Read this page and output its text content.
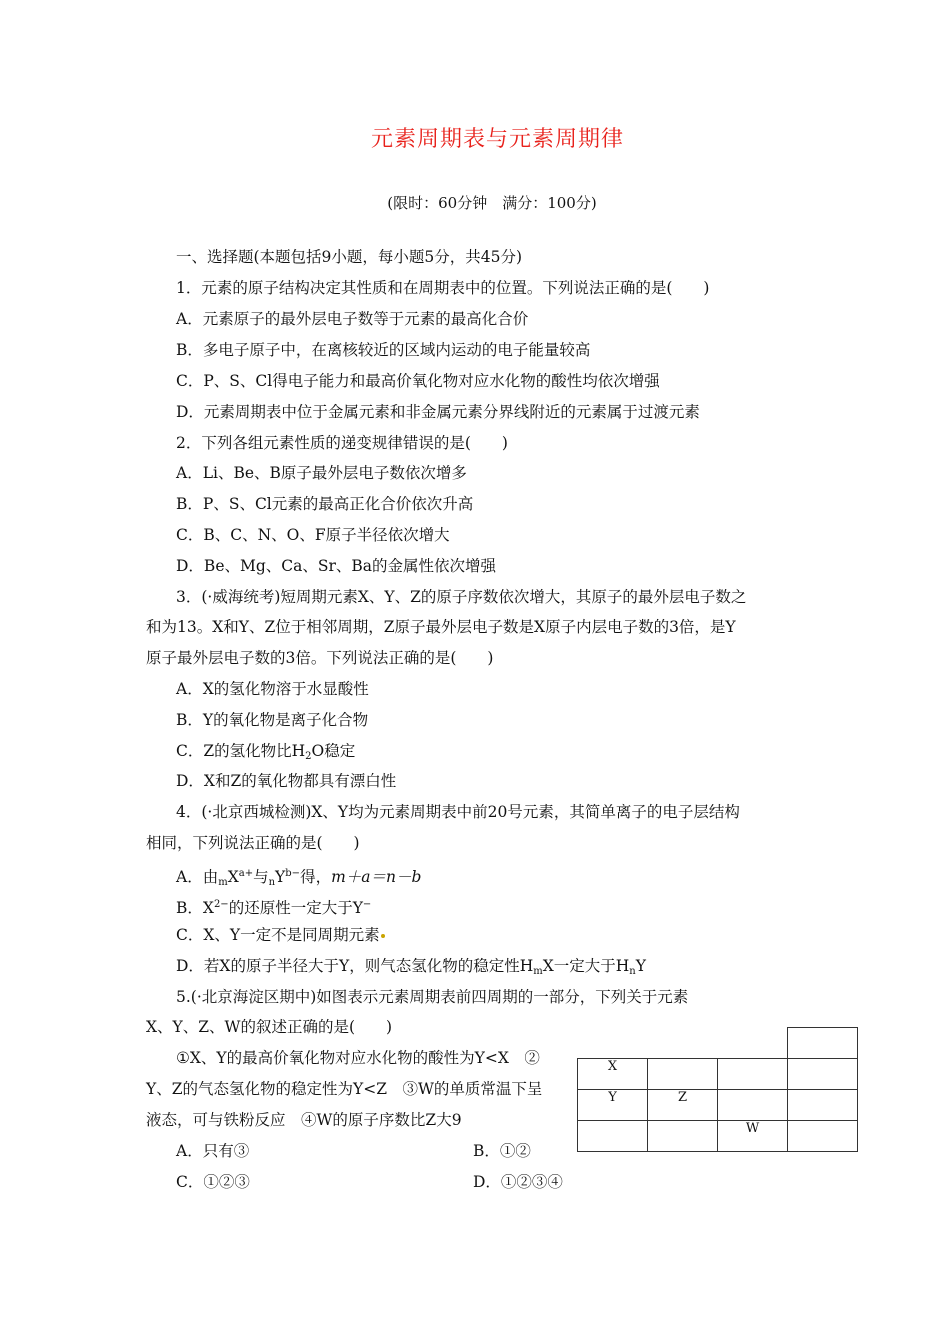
元素周期表与元素周期律
(限时：60分钟　满分：100分)
一、选择题(本题包括9小题，每小题5分，共45分)
1．元素的原子结构决定其性质和在周期表中的位置。下列说法正确的是(　　)
A．元素原子的最外层电子数等于元素的最高化合价
B．多电子原子中，在离核较近的区域内运动的电子能量较高
C．P、S、Cl得电子能力和最高价氧化物对应水化物的酸性均依次增强
D．元素周期表中位于金属元素和非金属元素分界线附近的元素属于过渡元素
2．下列各组元素性质的递变规律错误的是(　　)
A．Li、Be、B原子最外层电子数依次增多
B．P、S、Cl元素的最高正化合价依次升高
C．B、C、N、O、F原子半径依次增大
D．Be、Mg、Ca、Sr、Ba的金属性依次增强
3．(·威海统考)短周期元素X、Y、Z的原子序数依次增大，其原子的最外层电子数之
和为13。X和Y、Z位于相邻周期，Z原子最外层电子数是X原子内层电子数的3倍，是Y
原子最外层电子数的3倍。下列说法正确的是(　　)
A．X的氢化物溶于水显酸性
B．Y的氧化物是离子化合物
C．Z的氢化物比$H_2O$稳定
D．X和Z的氧化物都具有漂白性
4．(·北京西城检测)X、Y均为元素周期表中前20号元素，其简单离子的电子层结构
相同，下列说法正确的是(　　)
A．由$_mX^{a+}$与$_nY^{b-}$得，m＋a＝n－b
B．$X^{2-}$的还原性一定大于Y−
C．X、Y一定不是同周期元素
D．若X的原子半径大于Y，则气态氢化物的稳定性$H_mX$一定大于$H_nY$
5.(·北京海淀区期中)如图表示元素周期表前四周期的一部分，下列关于元素
X、Y、Z、W的叙述正确的是(　　)
①X、Y的最高价氧化物对应水化物的酸性为Y<X　②
Y、Z的气态氢化物的稳定性为Y<Z　③W的单质常温下呈
液态，可与铁粉反应　④W的原子序数比Z大9
A．只有③	B．①②
C．①②③	D．①②③④

X			
Y	Z		
		W	
